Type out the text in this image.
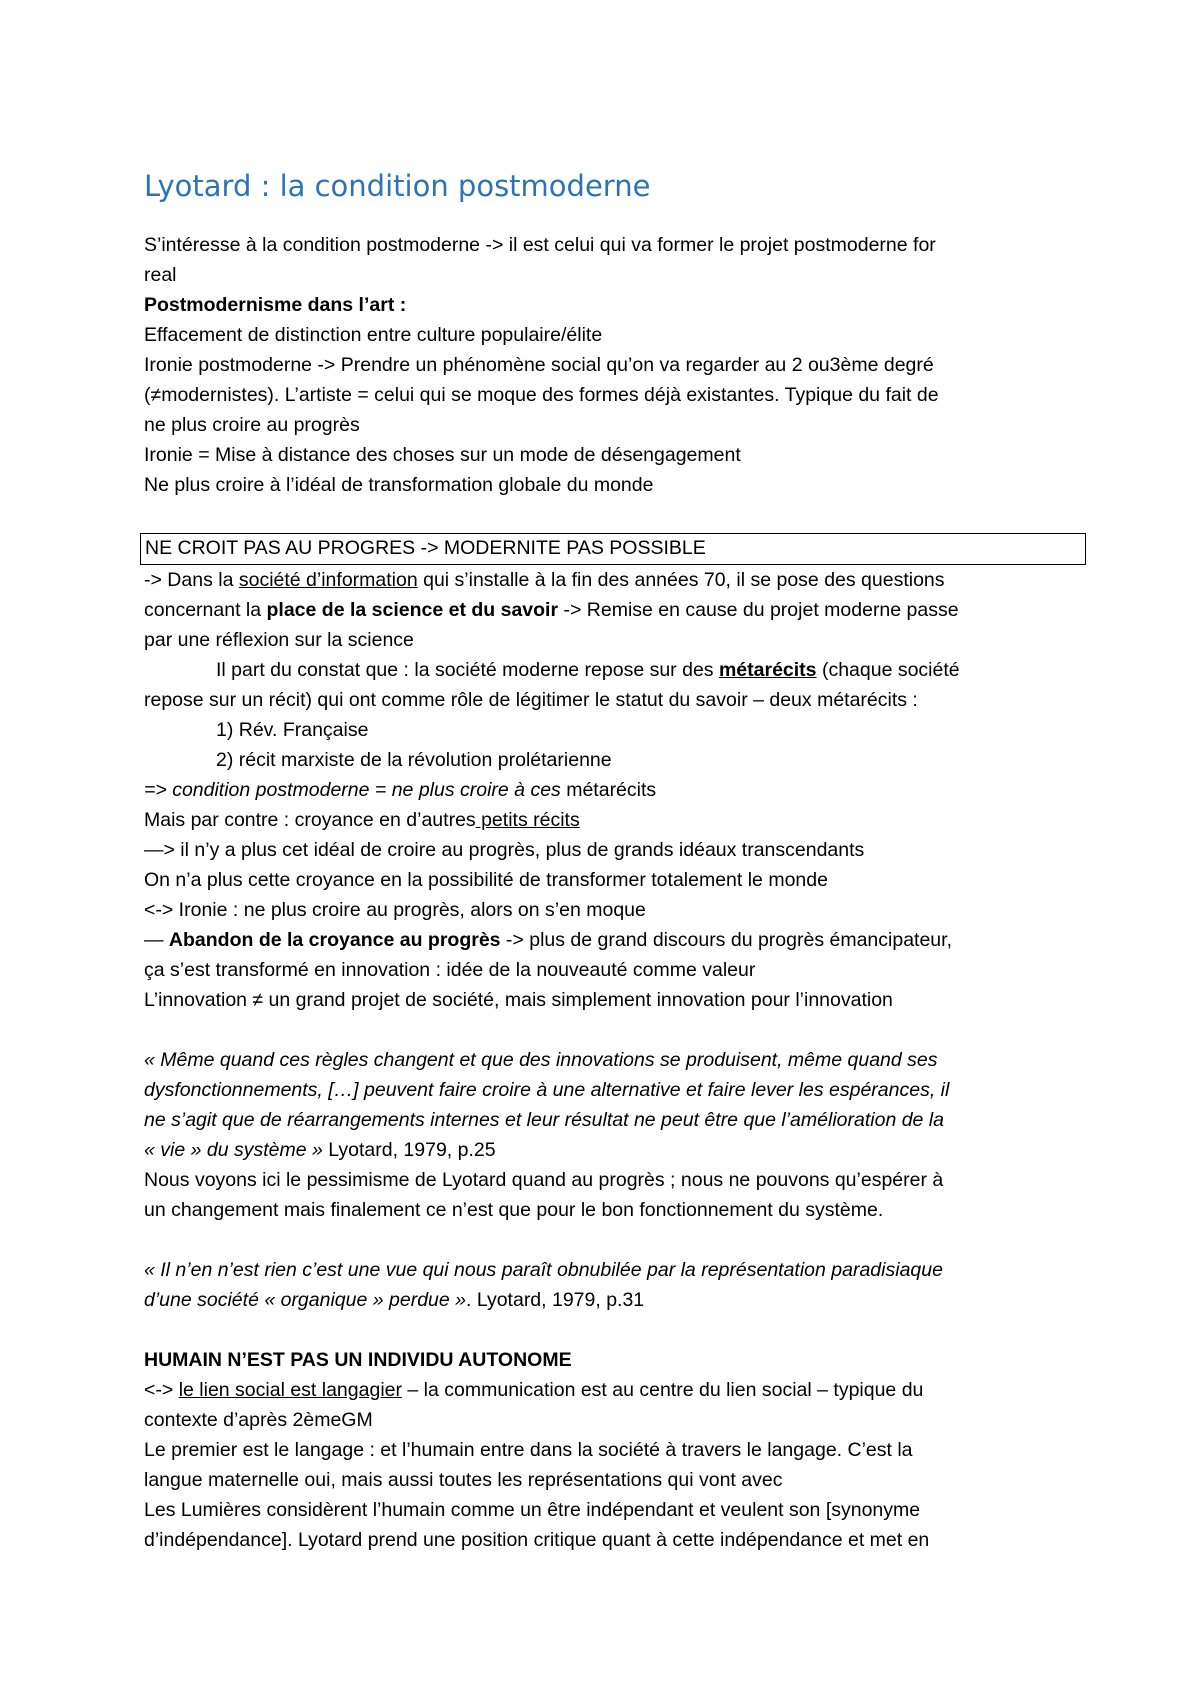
Lyotard : la condition postmoderne
S’intéresse à la condition postmoderne -> il est celui qui va former le projet postmoderne for
real
Postmodernisme dans l’art :
Effacement de distinction entre culture populaire/élite
Ironie postmoderne -> Prendre un phénomène social qu’on va regarder au 2 ou3ème degré
(≠modernistes). L’artiste = celui qui se moque des formes déjà existantes. Typique du fait de
ne plus croire au progrès
Ironie = Mise à distance des choses sur un mode de désengagement
Ne plus croire à l’idéal de transformation globale du monde
NE CROIT PAS AU PROGRES -> MODERNITE PAS POSSIBLE
-> Dans la société d’information qui s’installe à la fin des années 70, il se pose des questions
concernant la place de la science et du savoir -> Remise en cause du projet moderne passe
par une réflexion sur la science
Il part du constat que : la société moderne repose sur des métarécits (chaque société
repose sur un récit) qui ont comme rôle de légitimer le statut du savoir – deux métarécits :
1) Rév. Française
2) récit marxiste de la révolution prolétarienne
=> condition postmoderne = ne plus croire à ces métarécits
Mais par contre : croyance en d’autres petits récits
—> il n’y a plus cet idéal de croire au progrès, plus de grands idéaux transcendants
On n’a plus cette croyance en la possibilité de transformer totalement le monde
<-> Ironie : ne plus croire au progrès, alors on s’en moque
— Abandon de la croyance au progrès -> plus de grand discours du progrès émancipateur,
ça s’est transformé en innovation : idée de la nouveauté comme valeur
L’innovation ≠ un grand projet de société, mais simplement innovation pour l’innovation
« Même quand ces règles changent et que des innovations se produisent, même quand ses
dysfonctionnements, […] peuvent faire croire à une alternative et faire lever les espérances, il
ne s’agit que de réarrangements internes et leur résultat ne peut être que l’amélioration de la
« vie » du système » Lyotard, 1979, p.25
Nous voyons ici le pessimisme de Lyotard quand au progrès ; nous ne pouvons qu’espérer à
un changement mais finalement ce n’est que pour le bon fonctionnement du système.
« Il n’en n’est rien c’est une vue qui nous paraît obnubilée par la représentation paradisiaque
d’une société « organique » perdue ». Lyotard, 1979, p.31
HUMAIN N’EST PAS UN INDIVIDU AUTONOME
<-> le lien social est langagier – la communication est au centre du lien social – typique du
contexte d’après 2èmeGM
Le premier est le langage : et l’humain entre dans la société à travers le langage. C’est la
langue maternelle oui, mais aussi toutes les représentations qui vont avec
Les Lumières considèrent l’humain comme un être indépendant et veulent son [synonyme
d’indépendance]. Lyotard prend une position critique quant à cette indépendance et met en
